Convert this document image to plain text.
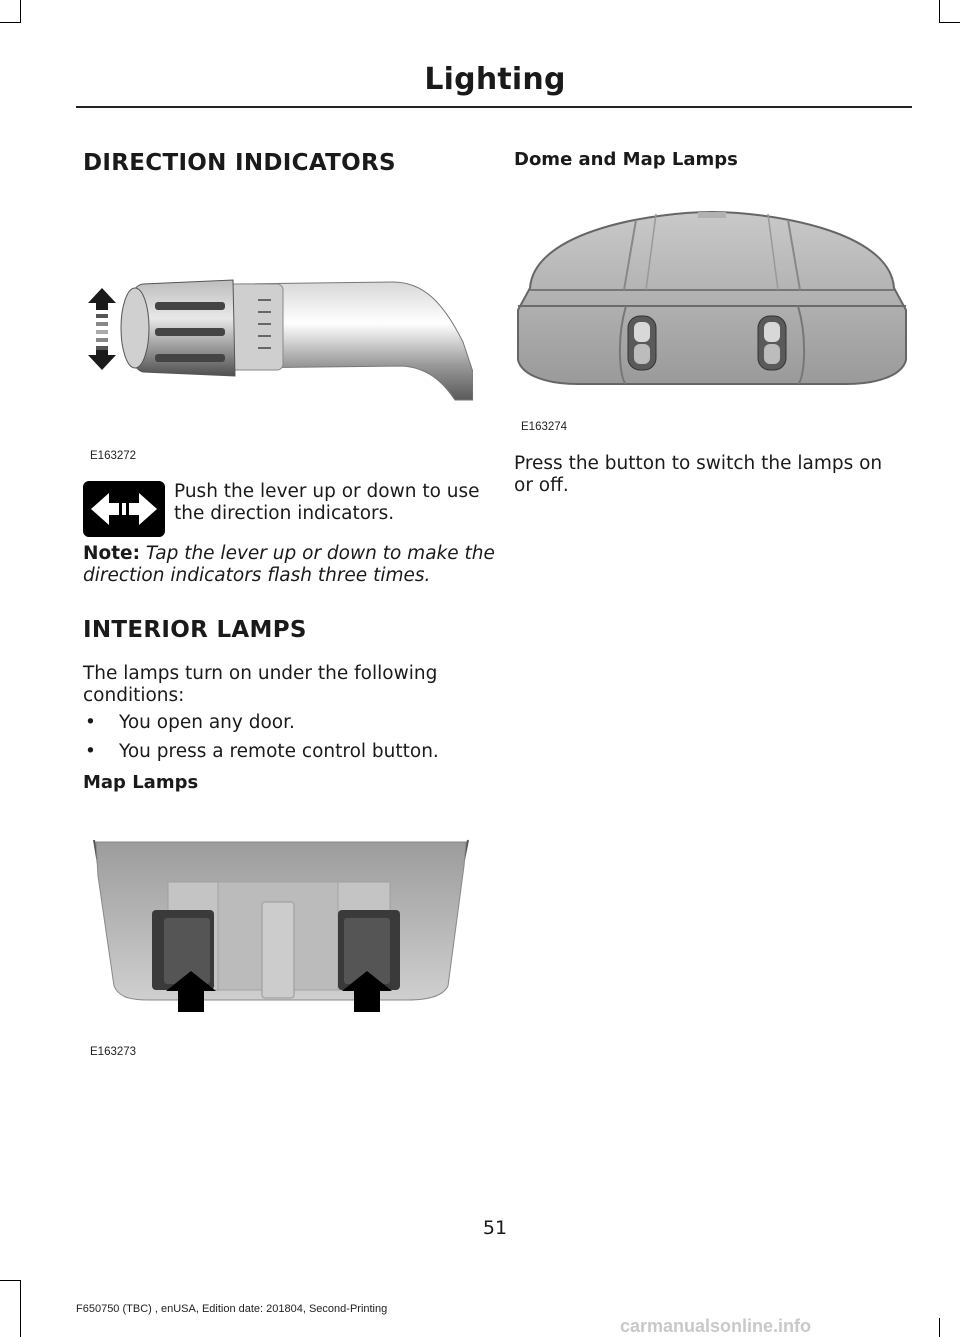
Lighting
DIRECTION INDICATORS
E163272
Push the lever up or down to use
the direction indicators.
Note: Tap the lever up or down to make the
direction indicators flash three times.
INTERIOR LAMPS
The lamps turn on under the following
conditions:
• You open any door.
• You press a remote control button.
Map Lamps
E163273
Dome and Map Lamps
E163274
Press the button to switch the lamps on
or off.
51
F650750 (TBC) , enUSA, Edition date: 201804, Second-Printing
carmanualsonline.info
